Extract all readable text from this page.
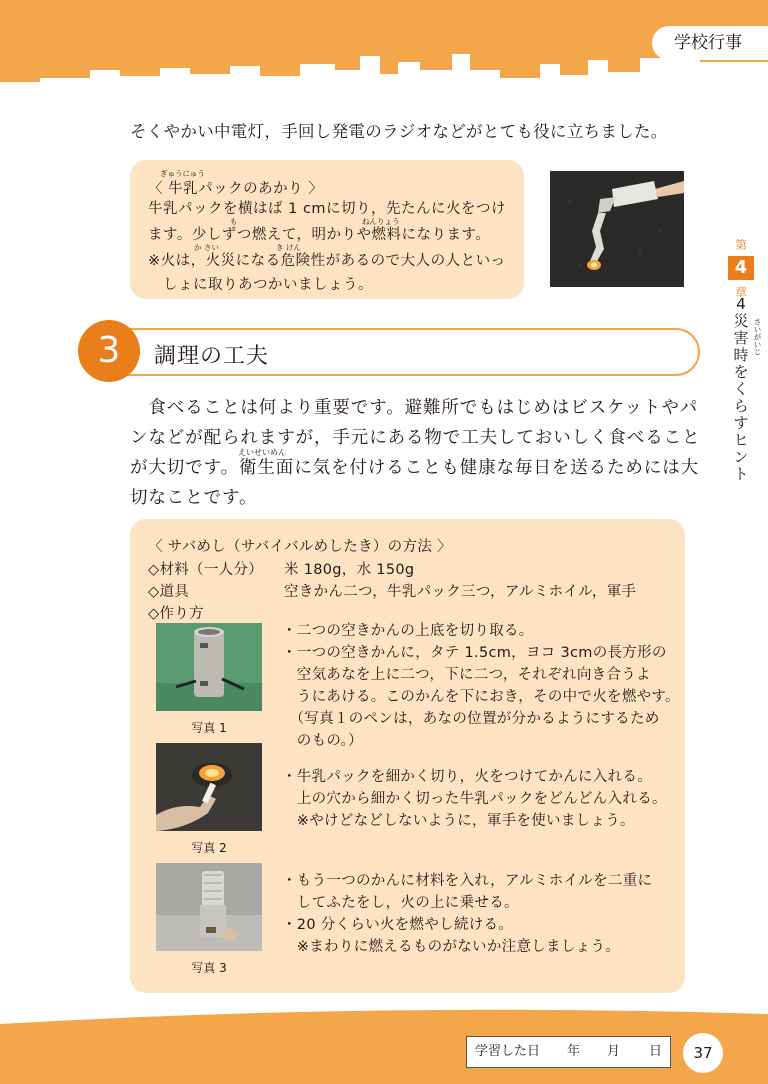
学校行事
第
4
章
4
災
害
時
を
く
ら
す
ヒ
ン
ト
さいがいじ
そくやかい中電灯，手回し発電のラジオなどがとても役に立ちました。
ぎゅうにゅう
〈 牛乳パックのあかり 〉
牛乳パックを横はば 1 cmに切り，先たんに火をつけ
も	ねんりょう
ます。少しずつ燃えて，明かりや燃料になります。
か さい	き けん
※火は，火災になる危険性があるので大人の人といっ
　しょに取りあつかいましょう。
調理の工夫
3
　食べることは何より重要です。避難所でもはじめはビスケットやパ
ンなどが配られますが，手元にある物で工夫しておいしく食べること
えいせいめん
が大切です。衛生面に気を付けることも健康な毎日を送るためには大
切なことです。
〈 サバめし（サバイバルめしたき）の方法 〉
◇材料（一人分） 米 180g，水 150g
◇道具	空きかん二つ，牛乳パック三つ，アルミホイル，軍手
◇作り方
写真 1
・二つの空きかんの上底を切り取る。
・一つの空きかんに，タテ 1.5cm，ヨコ 3cmの長方形の
　空気あなを上に二つ，下に二つ，それぞれ向き合うよ
　うにあける。このかんを下におき，その中で火を燃やす。
　（写真１のペンは，あなの位置が分かるようにするため
　のもの。）
写真 2
・牛乳パックを細かく切り，火をつけてかんに入れる。
　上の穴から細かく切った牛乳パックをどんどん入れる。
　※やけどなどしないように，軍手を使いましょう。
写真 3
・もう一つのかんに材料を入れ，アルミホイルを二重に
　してふたをし，火の上に乗せる。
・20 分くらい火を燃やし続ける。
　※まわりに燃えるものがないか注意しましょう。
学習した日 年 月 日	37
